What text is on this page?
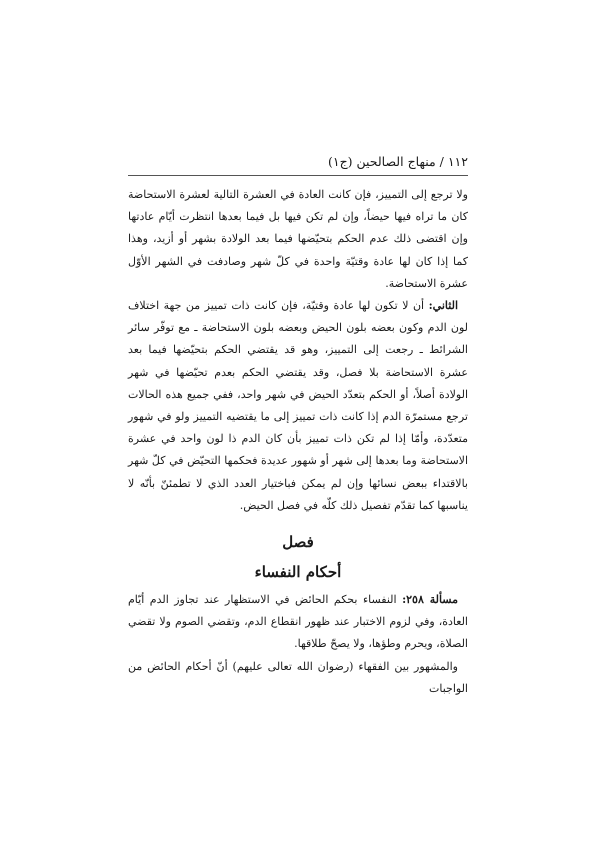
١١٢ / منهاج الصالحين (ج١)

ولا ترجع إلى التمييز، فإن كانت العادة في العشرة التالية لعشرة الاستحاضة كان ما تراه فيها حيضاً، وإن لم تكن فيها بل فيما بعدها انتظرت أيّام عادتها وإن اقتضى ذلك عدم الحكم بتحيّضها فيما بعد الولادة بشهر أو أزيد، وهذا كما إذا كان لها عادة وقتيّة واحدة في كلّ شهر وصادفت في الشهر الأوّل عشرة الاستحاضة.

الثاني: أن لا تكون لها عادة وقتيّة، فإن كانت ذات تمييز من جهة اختلاف لون الدم وكون بعضه بلون الحيض وبعضه بلون الاستحاضة ـ مع توفّر سائر الشرائط ـ رجعت إلى التمييز، وهو قد يقتضي الحكم بتحيّضها فيما بعد عشرة الاستحاضة بلا فصل، وقد يقتضي الحكم بعدم تحيّضها في شهر الولادة أصلاً، أو الحكم بتعدّد الحيض في شهر واحد، ففي جميع هذه الحالات ترجع مستمرّة الدم إذا كانت ذات تمييز إلى ما يقتضيه التمييز ولو في شهور متعدّدة، وأمّا إذا لم تكن ذات تمييز بأن كان الدم ذا لون واحد في عشرة الاستحاضة وما بعدها إلى شهر أو شهور عديدة فحكمها التحيّض في كلّ شهر بالاقتداء ببعض نسائها وإن لم يمكن فباختيار العدد الذي لا تطمئنّ بأنّه لا يناسبها كما تقدّم تفصيل ذلك كلّه في فصل الحيض.

فصل
أحكام النفساء

مسألة ٢٥٨: النفساء بحكم الحائض في الاستظهار عند تجاوز الدم أيّام العادة، وفي لزوم الاختبار عند ظهور انقطاع الدم، وتقضي الصوم ولا تقضي الصلاة، ويحرم وطؤها، ولا يصحّ طلاقها.

والمشهور بين الفقهاء (رضوان الله تعالى عليهم) أنّ أحكام الحائض من الواجبات
